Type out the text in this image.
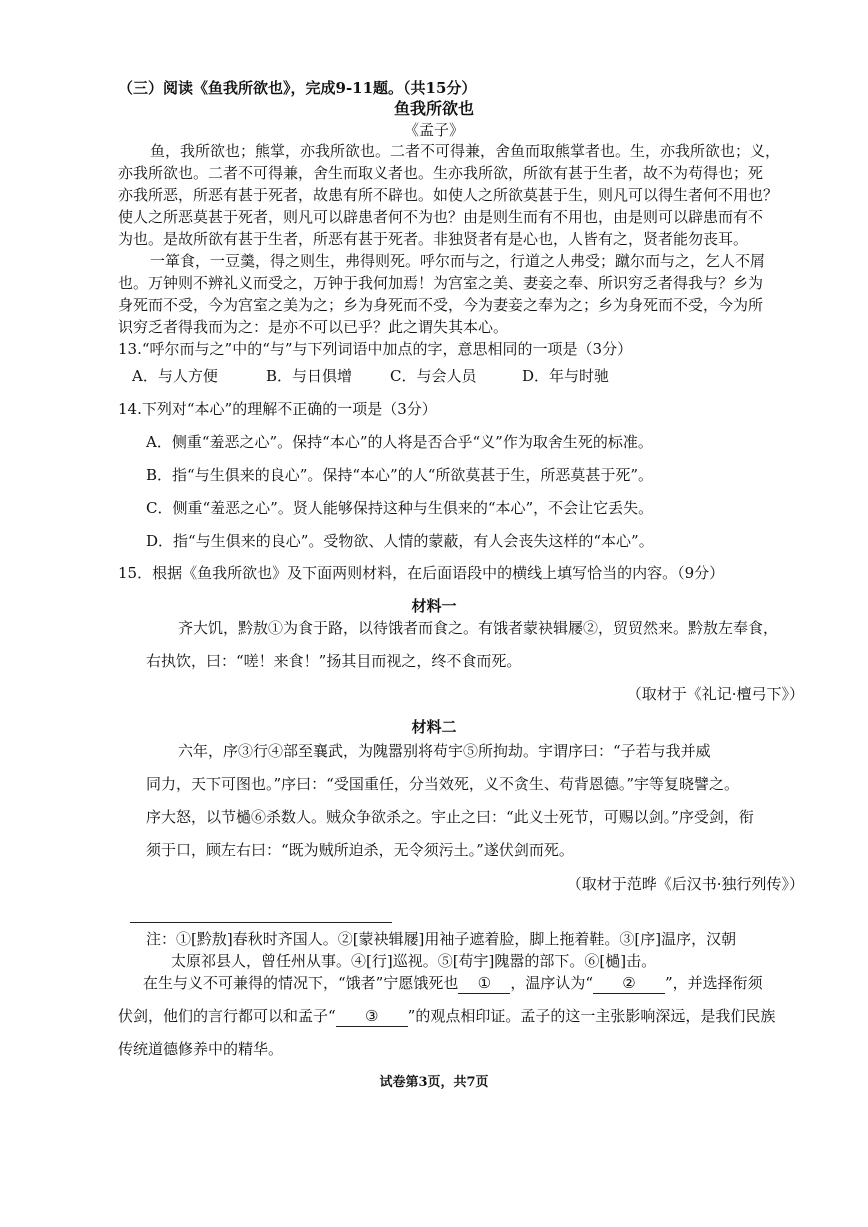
（三）阅读《鱼我所欲也》，完成9-11题。（共15分）
鱼我所欲也
《孟子》
鱼，我所欲也；熊掌，亦我所欲也。二者不可得兼，舍鱼而取熊掌者也。生，亦我所欲也；义，
亦我所欲也。二者不可得兼，舍生而取义者也。生亦我所欲，所欲有甚于生者，故不为苟得也；死
亦我所恶，所恶有甚于死者，故患有所不辟也。如使人之所欲莫甚于生，则凡可以得生者何不用也？
使人之所恶莫甚于死者，则凡可以辟患者何不为也？由是则生而有不用也，由是则可以辟患而有不
为也。是故所欲有甚于生者，所恶有甚于死者。非独贤者有是心也，人皆有之，贤者能勿丧耳。
一箪食，一豆羹，得之则生，弗得则死。呼尔而与之，行道之人弗受；蹴尔而与之，乞人不屑
也。万钟则不辨礼义而受之，万钟于我何加焉！为宫室之美、妻妾之奉、所识穷乏者得我与？乡为
身死而不受，今为宫室之美为之；乡为身死而不受，今为妻妾之奉为之；乡为身死而不受，今为所
识穷乏者得我而为之：是亦不可以已乎？此之谓失其本心。
13.“呼尔而与之”中的“与”与下列词语中加点的字，意思相同的一项是（3分）
A．与人方便	B．与日俱增	C．与会人员	D．年与时驰
14.下列对“本心”的理解不正确的一项是（3分）
A．侧重“羞恶之心”。保持“本心”的人将是否合乎“义”作为取舍生死的标准。
B．指“与生俱来的良心”。保持“本心”的人“所欲莫甚于生，所恶莫甚于死”。
C．侧重“羞恶之心”。贤人能够保持这种与生俱来的“本心”，不会让它丢失。
D．指“与生俱来的良心”。受物欲、人情的蒙蔽，有人会丧失这样的“本心”。
15．根据《鱼我所欲也》及下面两则材料，在后面语段中的横线上填写恰当的内容。（9分）
材料一
齐大饥，黔敖①为食于路，以待饿者而食之。有饿者蒙袂辑屦②，贸贸然来。黔敖左奉食，
右执饮，曰：“嗟！来食！”扬其目而视之，终不食而死。
（取材于《礼记·檀弓下》）
材料二
六年，序③行④部至襄武，为隗嚣别将苟宇⑤所拘劫。宇谓序曰：“子若与我并威
同力，天下可图也。”序曰：“受国重任，分当效死，义不贪生、苟背恩德。”宇等复晓譬之。
序大怒，以节檛⑥杀数人。贼众争欲杀之。宇止之曰：“此义士死节，可赐以剑。”序受剑，衔
须于口，顾左右曰：“既为贼所迫杀，无令须污土。”遂伏剑而死。
（取材于范晔《后汉书·独行列传》）
注：①[黔敖]春秋时齐国人。②[蒙袂辑屦]用袖子遮着脸，脚上拖着鞋。③[序]温序，汉朝
太原祁县人，曾任州从事。④[行]巡视。⑤[苟宇]隗嚣的部下。⑥[檛]击。
在生与义不可兼得的情况下，“饿者”宁愿饿死也 ① ，温序认为“ ② ”，并选择衔须
伏剑，他们的言行都可以和孟子“ ③ ”的观点相印证。孟子的这一主张影响深远，是我们民族
传统道德修养中的精华。
试卷第3页，共7页
